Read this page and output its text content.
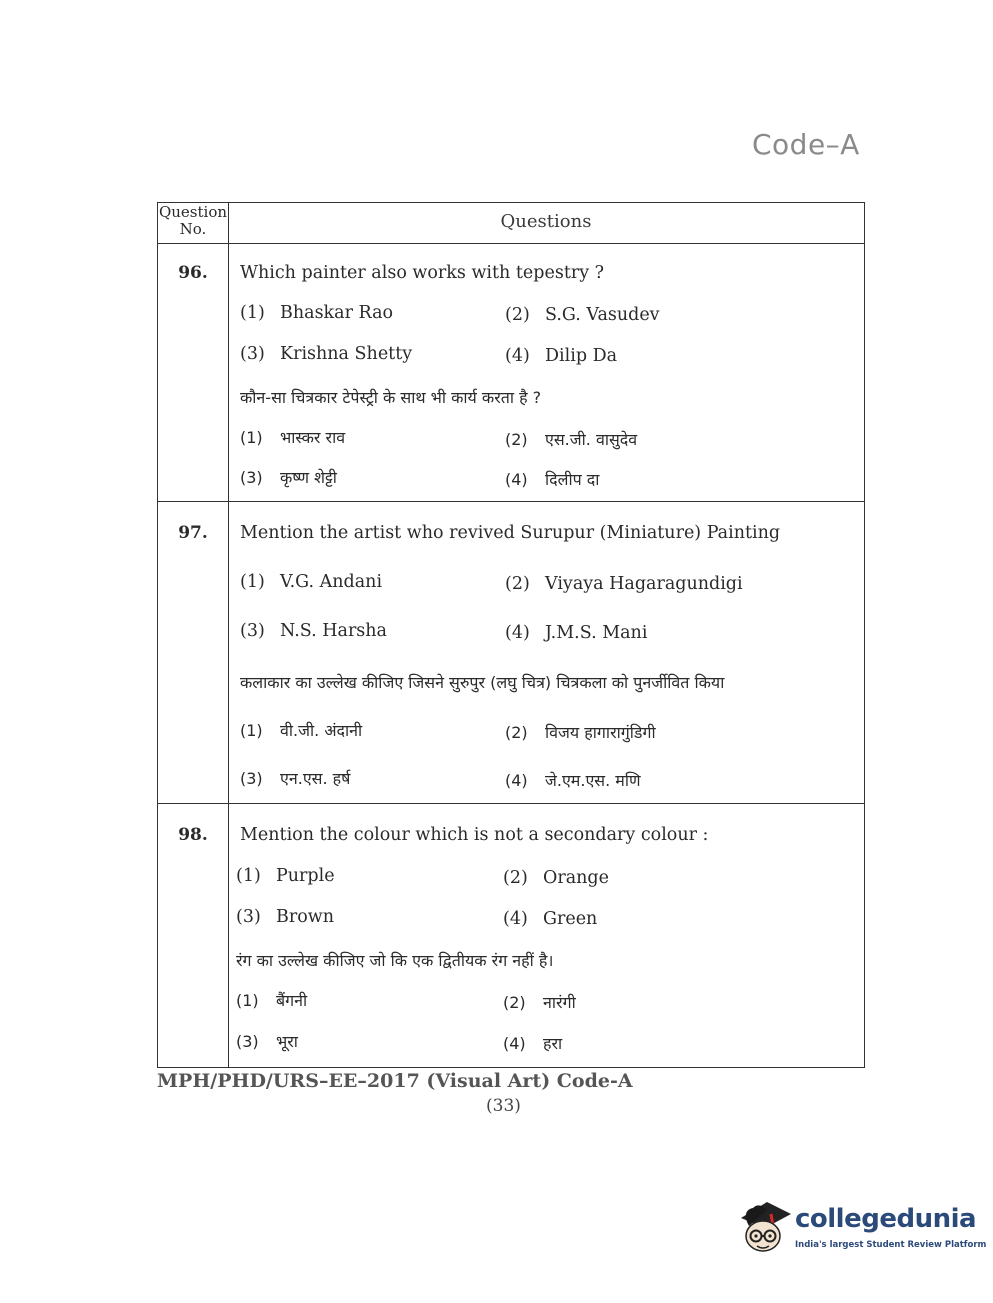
Code–A
Question No.	Questions
96.	Which painter also works with tepestry ?
(1) Bhaskar Rao	(2) S.G. Vasudev
(3) Krishna Shetty	(4) Dilip Da
कौन-सा चित्रकार टेपेस्ट्री के साथ भी कार्य करता है ?
(1) भास्कर राव	(2) एस.जी. वासुदेव
(3) कृष्ण शेट्टी	(4) दिलीप दा
97.	Mention the artist who revived Surupur (Miniature) Painting
(1) V.G. Andani	(2) Viyaya Hagaragundigi
(3) N.S. Harsha	(4) J.M.S. Mani
कलाकार का उल्लेख कीजिए जिसने सुरुपुर (लघु चित्र) चित्रकला को पुनर्जीवित किया
(1) वी.जी. अंदानी	(2) विजय हागारागुंडिगी
(3) एन.एस. हर्ष	(4) जे.एम.एस. मणि
98.	Mention the colour which is not a secondary colour :
(1) Purple	(2) Orange
(3) Brown	(4) Green
रंग का उल्लेख कीजिए जो कि एक द्वितीयक रंग नहीं है।
(1) बैंगनी	(2) नारंगी
(3) भूरा	(4) हरा
MPH/PHD/URS–EE–2017 (Visual Art) Code-A
(33)
collegedunia
India's largest Student Review Platform
